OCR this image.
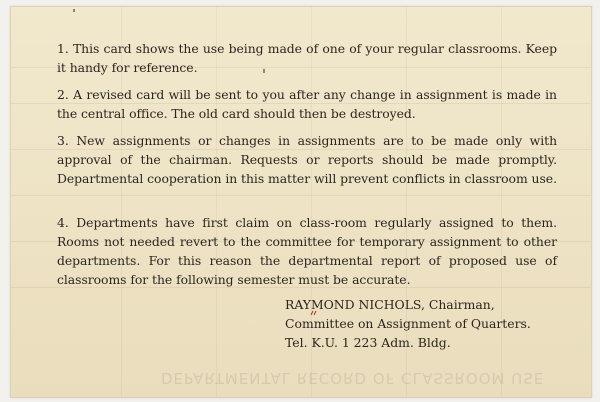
DEPARTMENTAL RECORD OF CLASSROOM USE

1. This card shows the use being made of one of your regular classrooms. Keep it handy for reference.

2. A revised card will be sent to you after any change in assignment is made in the central office. The old card should then be destroyed.

3. New assignments or changes in assignments are to be made only with approval of the chairman. Requests or reports should be made promptly. Departmental cooperation in this matter will prevent conflicts in classroom use.

4. Departments have first claim on class-room regularly assigned to them. Rooms not needed revert to the committee for temporary assignment to other departments. For this reason the departmental report of proposed use of classrooms for the following semester must be accurate.

RAYMOND NICHOLS, Chairman,
Committee on Assignment of Quarters.
Tel. K.U. 1 223 Adm. Bldg.
